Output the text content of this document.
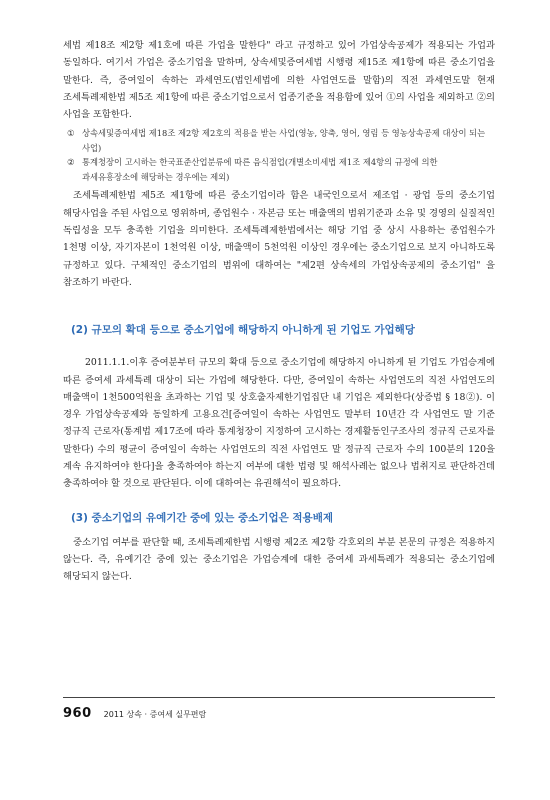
세법 제18조 제2항 제1호에 따른 가업을 말한다" 라고 규정하고 있어 가업상속공제가 적용되는 가업과 동일하다. 여기서 가업은 중소기업을 말하며, 상속세및증여세법 시행령 제15조 제1항에 따른 중소기업을 말한다. 즉, 증여일이 속하는 과세연도(법인세법에 의한 사업연도를 말함)의 직전 과세연도말 현재 조세특례제한법 제5조 제1항에 따른 중소기업으로서 업종기준을 적용함에 있어 ①의 사업을 제외하고 ②의 사업을 포함한다.

① 상속세및증여세법 제18조 제2항 제2호의 적용을 받는 사업(영농, 양축, 영어, 영림 등 영농상속공제 대상이 되는 사업)
② 통계청장이 고시하는 한국표준산업분류에 따른 음식점업(개별소비세법 제1조 제4항의 규정에 의한 과세유흥장소에 해당하는 경우에는 제외)
조세특례제한법 제5조 제1항에 따른 중소기업이라 함은 내국인으로서 제조업 · 광업 등의 중소기업 해당사업을 주된 사업으로 영위하며, 종업원수 · 자본금 또는 매출액의 범위기준과 소유 및 경영의 실질적인 독립성을 모두 충족한 기업을 의미한다. 조세특례제한법에서는 해당 기업 중 상시 사용하는 종업원수가 1천명 이상, 자기자본이 1천억원 이상, 매출액이 5천억원 이상인 경우에는 중소기업으로 보지 아니하도록 규정하고 있다. 구체적인 중소기업의 범위에 대하여는 "제2편 상속세의 가업상속공제의 중소기업" 을 참조하기 바란다.
(2) 규모의 확대 등으로 중소기업에 해당하지 아니하게 된 기업도 가업해당
2011.1.1.이후 증여분부터 규모의 확대 등으로 중소기업에 해당하지 아니하게 된 기업도 가업승계에 따른 증여세 과세특례 대상이 되는 가업에 해당한다. 다만, 증여일이 속하는 사업연도의 직전 사업연도의 매출액이 1천500억원을 초과하는 기업 및 상호출자제한기업집단 내 기업은 제외한다(상증법 § 18②). 이 경우 가업상속공제와 동일하게 고용요건[증여일이 속하는 사업연도 말부터 10년간 각 사업연도 말 기준 정규직 근로자(통계법 제17조에 따라 통계청장이 지정하여 고시하는 경제활동인구조사의 정규직 근로자를 말한다) 수의 평균이 증여일이 속하는 사업연도의 직전 사업연도 말 정규직 근로자 수의 100분의 120을 계속 유지하여야 한다]을 충족하여야 하는지 여부에 대한 법령 및 해석사례는 없으나 법취지로 판단하건데 충족하여야 할 것으로 판단된다. 이에 대하여는 유권해석이 필요하다.
(3) 중소기업의 유예기간 중에 있는 중소기업은 적용배제
중소기업 여부를 판단할 때, 조세특례제한법 시행령 제2조 제2항 각호외의 부분 본문의 규정은 적용하지 않는다. 즉, 유예기간 중에 있는 중소기업은 가업승계에 대한 증여세 과세특례가 적용되는 중소기업에 해당되지 않는다.
960 2011 상속 · 증여세 실무편람
